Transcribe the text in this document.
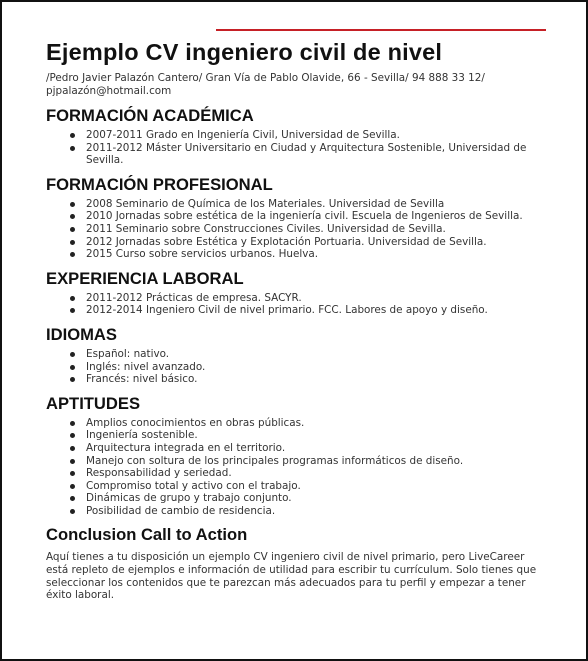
Ejemplo CV ingeniero civil de nivel
/Pedro Javier Palazón Cantero/ Gran Vía de Pablo Olavide, 66 - Sevilla/ 94 888 33 12/ pjpalazón@hotmail.com
FORMACIÓN ACADÉMICA
2007-2011 Grado en Ingeniería Civil, Universidad de Sevilla.
2011-2012 Máster Universitario en Ciudad y Arquitectura Sostenible, Universidad de Sevilla.
FORMACIÓN PROFESIONAL
2008 Seminario de Química de los Materiales. Universidad de Sevilla
2010 Jornadas sobre estética de la ingeniería civil. Escuela de Ingenieros de Sevilla.
2011 Seminario sobre Construcciones Civiles. Universidad de Sevilla.
2012 Jornadas sobre Estética y Explotación Portuaria. Universidad de Sevilla.
2015 Curso sobre servicios urbanos. Huelva.
EXPERIENCIA LABORAL
2011-2012 Prácticas de empresa. SACYR.
2012-2014 Ingeniero Civil de nivel primario. FCC. Labores de apoyo y diseño.
IDIOMAS
Español: nativo.
Inglés: nivel avanzado.
Francés: nivel básico.
APTITUDES
Amplios conocimientos en obras públicas.
Ingeniería sostenible.
Arquitectura integrada en el territorio.
Manejo con soltura de los principales programas informáticos de diseño.
Responsabilidad y seriedad.
Compromiso total y activo con el trabajo.
Dinámicas de grupo y trabajo conjunto.
Posibilidad de cambio de residencia.
Conclusion Call to Action
Aquí tienes a tu disposición un ejemplo CV ingeniero civil de nivel primario, pero LiveCareer está repleto de ejemplos e información de utilidad para escribir tu currículum. Solo tienes que seleccionar los contenidos que te parezcan más adecuados para tu perfil y empezar a tener éxito laboral.
